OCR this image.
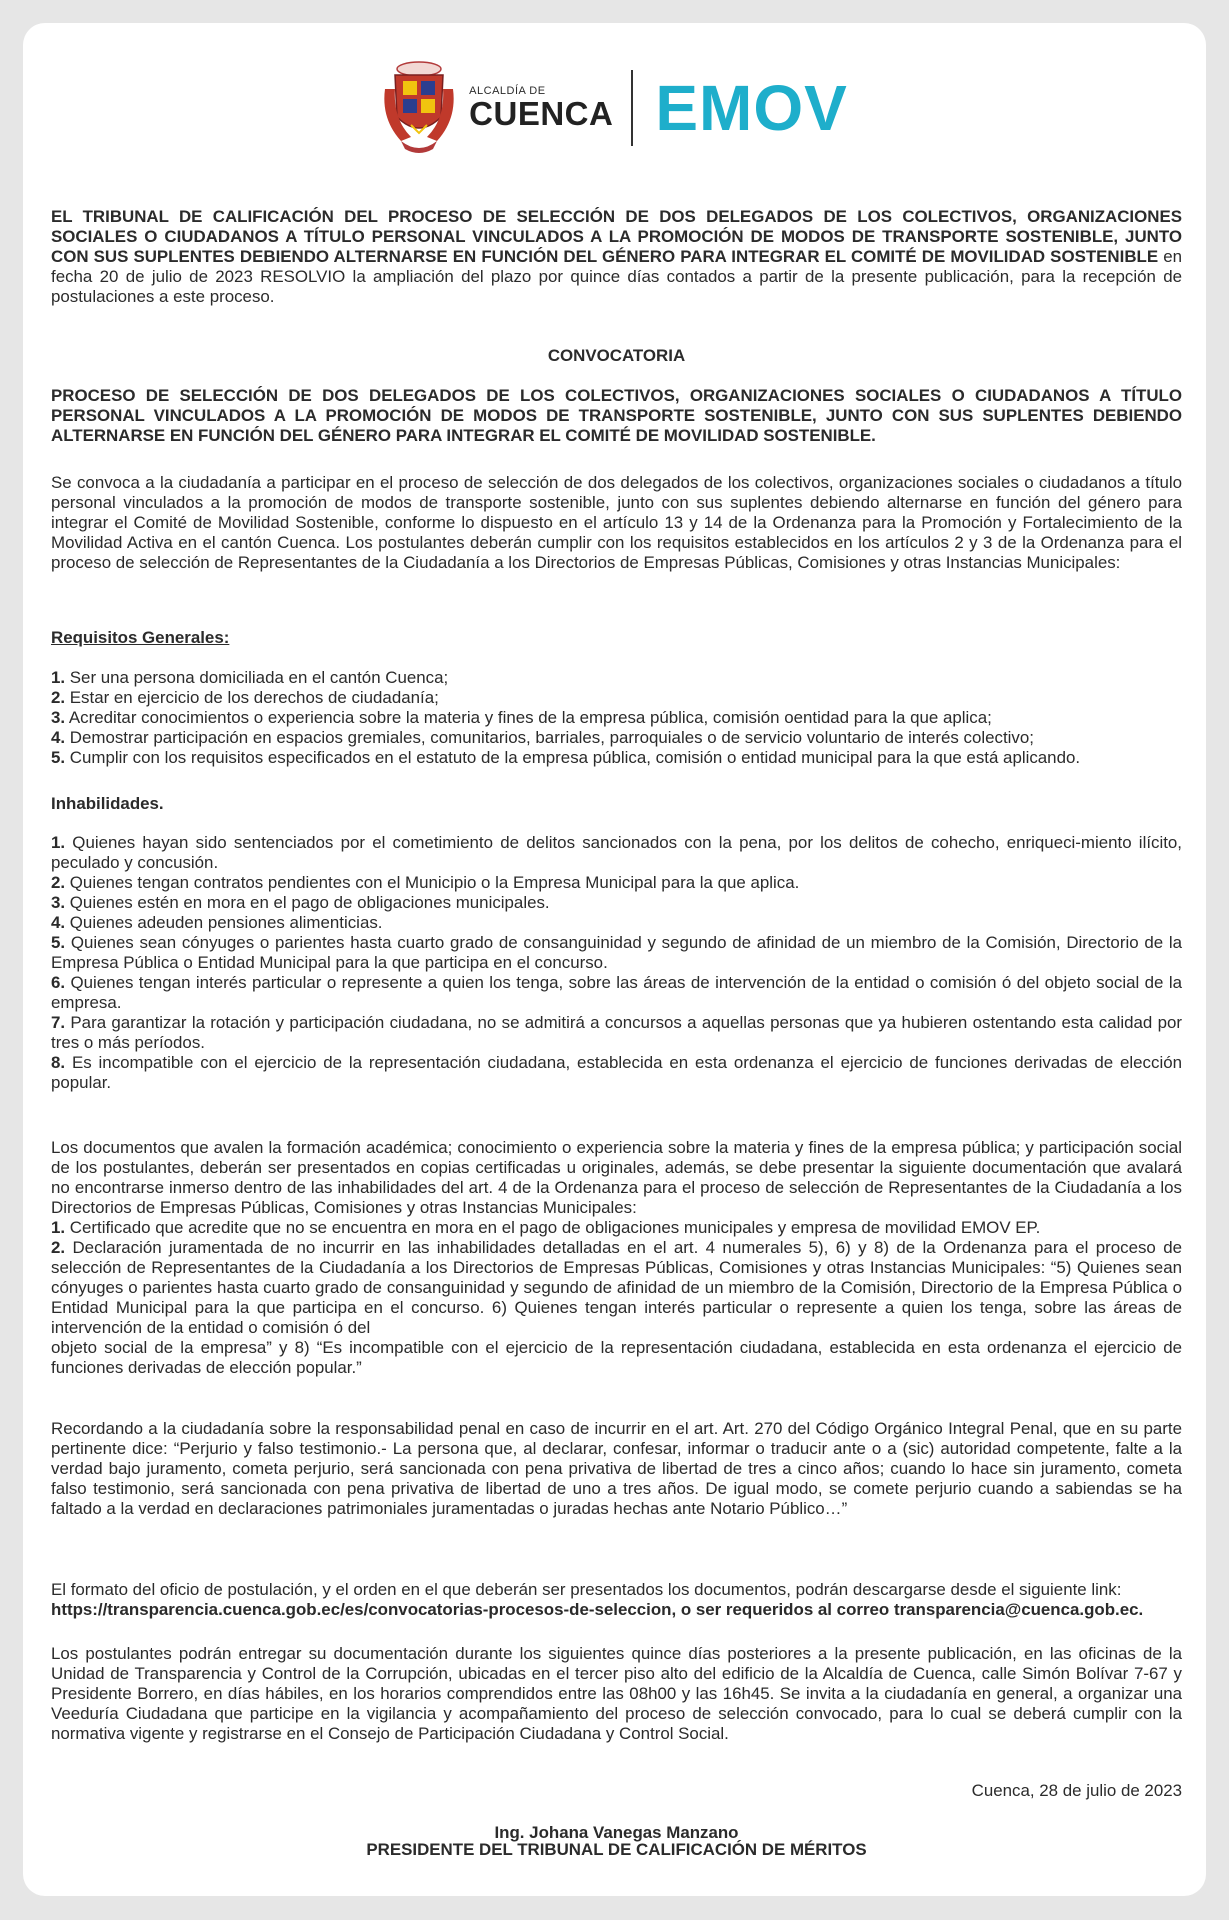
ALCALDÍA DE
CUENCA EMOV

EL TRIBUNAL DE CALIFICACIÓN DEL PROCESO DE SELECCIÓN DE DOS DELEGADOS DE LOS COLECTIVOS, ORGANIZACIONES SOCIALES O CIUDADANOS A TÍTULO PERSONAL VINCULADOS A LA PROMOCIÓN DE MODOS DE TRANSPORTE SOSTENIBLE, JUNTO CON SUS SUPLENTES DEBIENDO ALTERNARSE EN FUNCIÓN DEL GÉNERO PARA INTEGRAR EL COMITÉ DE MOVILIDAD SOSTENIBLE en fecha 20 de julio de 2023 RESOLVIO la ampliación del plazo por quince días contados a partir de la presente publicación, para la recepción de postulaciones a este proceso.

CONVOCATORIA

PROCESO DE SELECCIÓN DE DOS DELEGADOS DE LOS COLECTIVOS, ORGANIZACIONES SOCIALES O CIUDADANOS A TÍTULO PERSONAL VINCULADOS A LA PROMOCIÓN DE MODOS DE TRANSPORTE SOSTENIBLE, JUNTO CON SUS SUPLENTES DEBIENDO ALTERNARSE EN FUNCIÓN DEL GÉNERO PARA INTEGRAR EL COMITÉ DE MOVILIDAD SOSTENIBLE.

Se convoca a la ciudadanía a participar en el proceso de selección de dos delegados de los colectivos, organizaciones sociales o ciudadanos a título personal vinculados a la promoción de modos de transporte sostenible, junto con sus suplentes debiendo alternarse en función del género para integrar el Comité de Movilidad Sostenible, conforme lo dispuesto en el artículo 13 y 14 de la Ordenanza para la Promoción y Fortalecimiento de la Movilidad Activa en el cantón Cuenca. Los postulantes deberán cumplir con los requisitos establecidos en los artículos 2 y 3 de la Ordenanza para el proceso de selección de Representantes de la Ciudadanía a los Directorios de Empresas Públicas, Comisiones y otras Instancias Municipales:

Requisitos Generales:

1. Ser una persona domiciliada en el cantón Cuenca;
2. Estar en ejercicio de los derechos de ciudadanía;
3. Acreditar conocimientos o experiencia sobre la materia y fines de la empresa pública, comisión oentidad para la que aplica;
4. Demostrar participación en espacios gremiales, comunitarios, barriales, parroquiales o de servicio voluntario de interés colectivo;
5. Cumplir con los requisitos especificados en el estatuto de la empresa pública, comisión o entidad municipal para la que está aplicando.

Inhabilidades.

1. Quienes hayan sido sentenciados por el cometimiento de delitos sancionados con la pena, por los delitos de cohecho, enriqueci-miento ilícito, peculado y concusión.
2. Quienes tengan contratos pendientes con el Municipio o la Empresa Municipal para la que aplica.
3. Quienes estén en mora en el pago de obligaciones municipales.
4. Quienes adeuden pensiones alimenticias.
5. Quienes sean cónyuges o parientes hasta cuarto grado de consanguinidad y segundo de afinidad de un miembro de la Comisión, Directorio de la Empresa Pública o Entidad Municipal para la que participa en el concurso.
6. Quienes tengan interés particular o represente a quien los tenga, sobre las áreas de intervención de la entidad o comisión ó del objeto social de la empresa.
7. Para garantizar la rotación y participación ciudadana, no se admitirá a concursos a aquellas personas que ya hubieren ostentando esta calidad por tres o más períodos.
8. Es incompatible con el ejercicio de la representación ciudadana, establecida en esta ordenanza el ejercicio de funciones derivadas de elección popular.
Los documentos que avalen la formación académica; conocimiento o experiencia sobre la materia y fines de la empresa pública; y participación social de los postulantes, deberán ser presentados en copias certificadas u originales, además, se debe presentar la siguiente documentación que avalará no encontrarse inmerso dentro de las inhabilidades del art. 4 de la Ordenanza para el proceso de selección de Representantes de la Ciudadanía a los Directorios de Empresas Públicas, Comisiones y otras Instancias Municipales:
1. Certificado que acredite que no se encuentra en mora en el pago de obligaciones municipales y empresa de movilidad EMOV EP.
2. Declaración juramentada de no incurrir en las inhabilidades detalladas en el art. 4 numerales 5), 6) y 8) de la Ordenanza para el proceso de selección de Representantes de la Ciudadanía a los Directorios de Empresas Públicas, Comisiones y otras Instancias Municipales: “5) Quienes sean cónyuges o parientes hasta cuarto grado de consanguinidad y segundo de afinidad de un miembro de la Comisión, Directorio de la Empresa Pública o Entidad Municipal para la que participa en el concurso. 6) Quienes tengan interés particular o represente a quien los tenga, sobre las áreas de intervención de la entidad o comisión ó del
objeto social de la empresa” y 8) “Es incompatible con el ejercicio de la representación ciudadana, establecida en esta ordenanza el ejercicio de funciones derivadas de elección popular.”

Recordando a la ciudadanía sobre la responsabilidad penal en caso de incurrir en el art. Art. 270 del Código Orgánico Integral Penal, que en su parte pertinente dice: “Perjurio y falso testimonio.- La persona que, al declarar, confesar, informar o traducir ante o a (sic) autoridad competente, falte a la verdad bajo juramento, cometa perjurio, será sancionada con pena privativa de libertad de tres a cinco años; cuando lo hace sin juramento, cometa falso testimonio, será sancionada con pena privativa de libertad de uno a tres años. De igual modo, se comete perjurio cuando a sabiendas se ha faltado a la verdad en declaraciones patrimoniales juramentadas o juradas hechas ante Notario Público…”

El formato del oficio de postulación, y el orden en el que deberán ser presentados los documentos, podrán descargarse desde el siguiente link:
https://transparencia.cuenca.gob.ec/es/convocatorias-procesos-de-seleccion, o ser requeridos al correo transparencia@cuenca.gob.ec.

Los postulantes podrán entregar su documentación durante los siguientes quince días posteriores a la presente publicación, en las oficinas de la Unidad de Transparencia y Control de la Corrupción, ubicadas en el tercer piso alto del edificio de la Alcaldía de Cuenca, calle Simón Bolívar 7-67 y Presidente Borrero, en días hábiles, en los horarios comprendidos entre las 08h00 y las 16h45. Se invita a la ciudadanía en general, a organizar una Veeduría Ciudadana que participe en la vigilancia y acompañamiento del proceso de selección convocado, para lo cual se deberá cumplir con la normativa vigente y registrarse en el Consejo de Participación Ciudadana y Control Social.

Cuenca, 28 de julio de 2023

Ing. Johana Vanegas Manzano

PRESIDENTE DEL TRIBUNAL DE CALIFICACIÓN DE MÉRITOS
